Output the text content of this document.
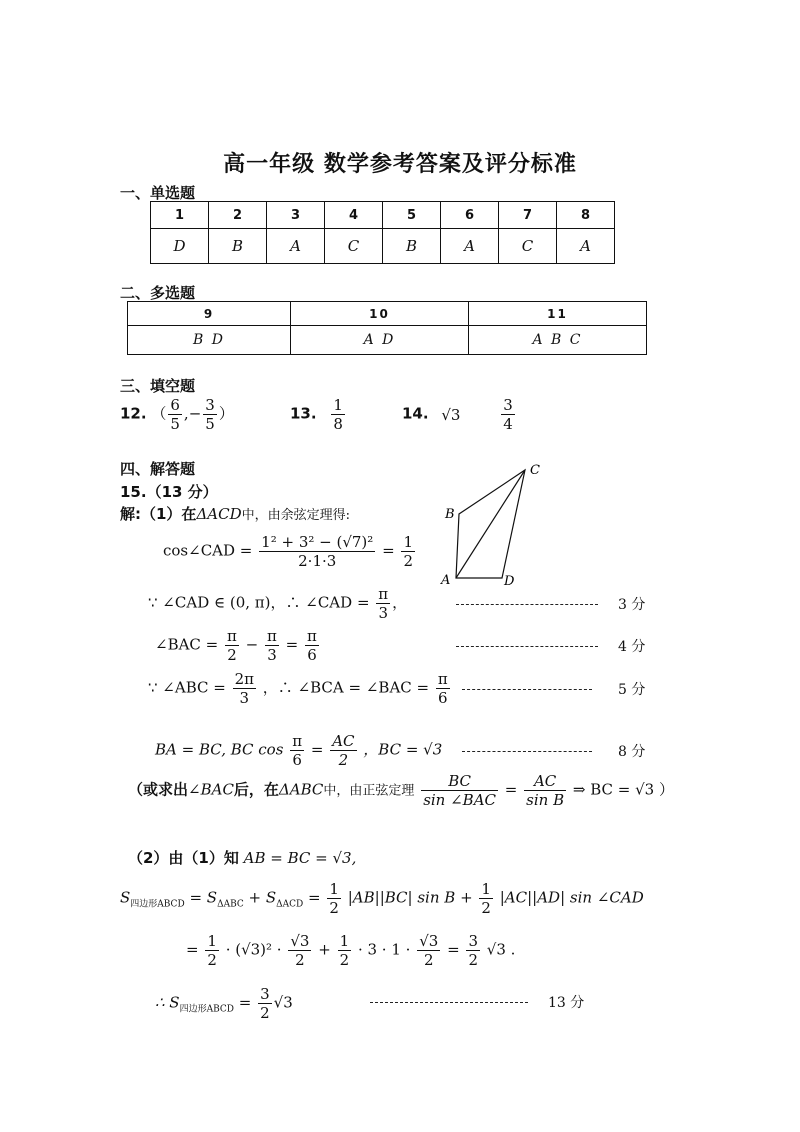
高一年级 数学参考答案及评分标准
一、单选题
1	2	3	4	5	6	7	8
D	B	A	C	B	A	C	A
二、多选题
9	10	11
B D	A D	A B C
三、填空题
12. （ $\frac{6}{5}$ ,− $\frac{3}{5}$ ）	13. $\frac{1}{8}$	14. √3	$\frac{3}{4}$
四、解答题
15.（13 分）
解:（1）在ΔACD中，由余弦定理得:
A
B
C
D
cos∠CAD = $\frac{\text{1² + 3² − (√7)²}}{2\cdot 1\cdot 3} = \frac{1}{2}$
∵ ∠CAD ∈ (0, π)，∴ ∠CAD = $\frac{\pi}{3}$ ，	3 分
∠BAC = $\frac{\pi}{2} - \frac{\pi}{3} = \frac{\pi}{6}$	4 分
∵ ∠ABC = $\frac{2\pi}{3}$ ，∴ ∠BCA = ∠BAC = $\frac{\pi}{6}$	5 分
BA = BC, BC $\cos \frac{\pi}{6} = \frac{AC}{2}$ ，BC = √3	8 分
（或求出∠BAC后，在ΔABC中，由正弦定理 $\frac{BC}{\text{sin ∠BAC}} = \frac{AC}{\text{sin B}}$ ⇒ BC = √3 ）
（2）由（1）知 AB = BC = √3,
$S_{四边形ABCD} = S_{\Delta ABC} + S_{\Delta ACD} = \frac{1}{2} |AB||BC|$ $\sin B + \frac{1}{2} |AC||AD|$ sin ∠CAD
= $\frac{1}{2} \cdot (√3)^2 \cdot \frac{√3}{2} + \frac{1}{2} \cdot 3 \cdot 1 \cdot \frac{√3}{2} = \frac{3}{2} √3$ .
∴ $S_{四边形ABCD} = \frac{3}{2} √3$	13 分
